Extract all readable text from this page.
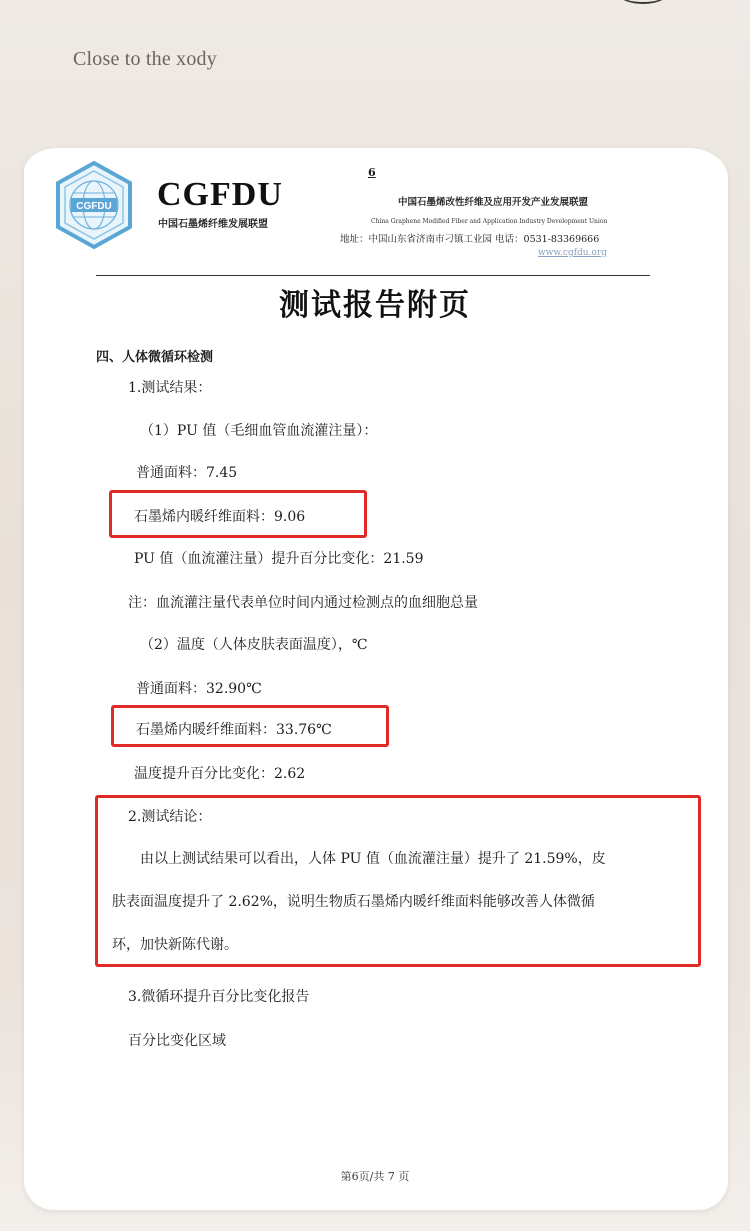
Close to the xody
CGFDU CGFDU
中国石墨烯纤维发展联盟
6
中国石墨烯改性纤维及应用开发产业发展联盟
China Graphene Modified Fiber and Application Industry Development Union
地址：中国山东省济南市刁镇工业园 电话：0531-83369666
www.cgfdu.org
测试报告附页
四、人体微循环检测
1.测试结果：
（1）PU 值（毛细血管血流灌注量）：
普通面料：7.45
石墨烯内暖纤维面料：9.06
PU 值（血流灌注量）提升百分比变化：21.59
注：血流灌注量代表单位时间内通过检测点的血细胞总量
（2）温度（人体皮肤表面温度），℃
普通面料：32.90℃
石墨烯内暖纤维面料：33.76℃
温度提升百分比变化：2.62
2.测试结论：
由以上测试结果可以看出，人体 PU 值（血流灌注量）提升了 21.59%，皮
肤表面温度提升了 2.62%，说明生物质石墨烯内暖纤维面料能够改善人体微循
环，加快新陈代谢。
3.微循环提升百分比变化报告
百分比变化区域
第6页/共 7 页
